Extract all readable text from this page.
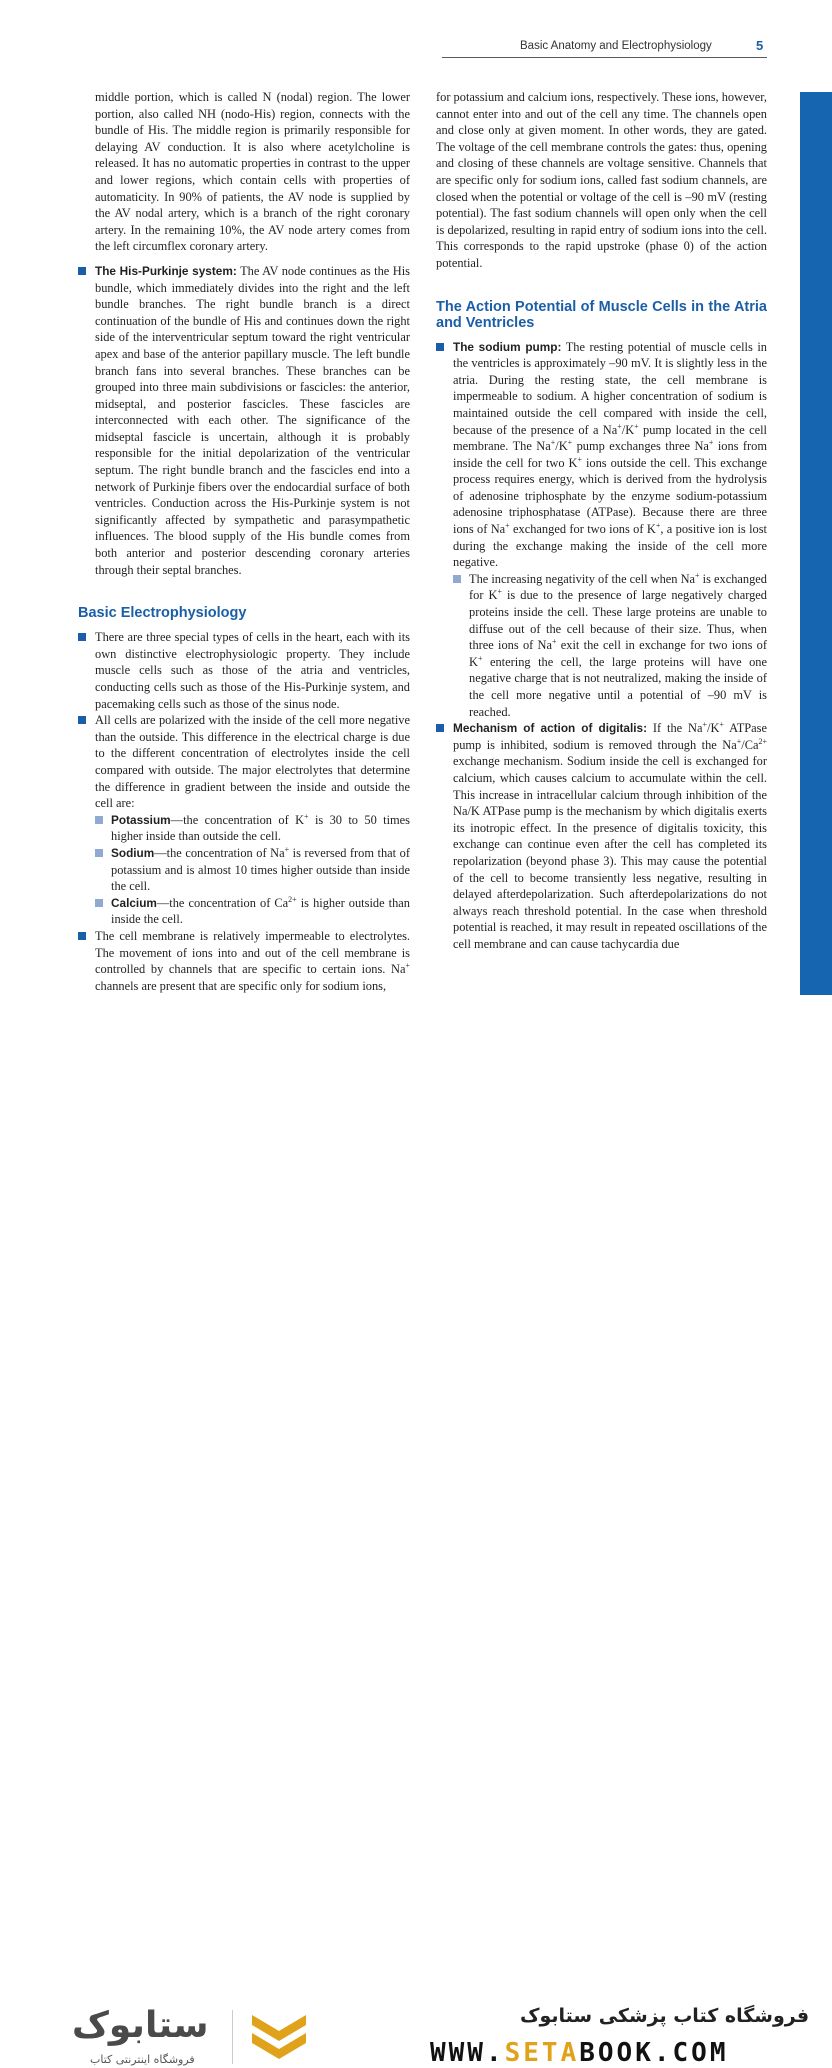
Basic Anatomy and Electrophysiology	5

middle portion, which is called N (nodal) region. The lower portion, also called NH (nodo-His) region, connects with the bundle of His. The middle region is primarily responsible for delaying AV conduction. It is also where acetylcholine is released. It has no automatic properties in contrast to the upper and lower regions, which contain cells with properties of automaticity. In 90% of patients, the AV node is supplied by the AV nodal artery, which is a branch of the right coronary artery. In the remaining 10%, the AV node artery comes from the left circumflex coronary artery.

The His-Purkinje system: The AV node continues as the His bundle, which immediately divides into the right and the left bundle branches. The right bundle branch is a direct continuation of the bundle of His and continues down the right side of the interventricular septum toward the right ventricular apex and base of the anterior papillary muscle. The left bundle branch fans into several branches. These branches can be grouped into three main subdivisions or fascicles: the anterior, midseptal, and posterior fascicles. These fascicles are interconnected with each other. The significance of the midseptal fascicle is uncertain, although it is probably responsible for the initial depolarization of the ventricular septum. The right bundle branch and the fascicles end into a network of Purkinje fibers over the endocardial surface of both ventricles. Conduction across the His-Purkinje system is not significantly affected by sympathetic and parasympathetic influences. The blood supply of the His bundle comes from both anterior and posterior descending coronary arteries through their septal branches.
Basic Electrophysiology
There are three special types of cells in the heart, each with its own distinctive electrophysiologic property. They include muscle cells such as those of the atria and ventricles, conducting cells such as those of the His-Purkinje system, and pacemaking cells such as those of the sinus node.
All cells are polarized with the inside of the cell more negative than the outside. This difference in the electrical charge is due to the different concentration of electrolytes inside the cell compared with outside. The major electrolytes that determine the difference in gradient between the inside and outside the cell are:
Potassium—the concentration of K+ is 30 to 50 times higher inside than outside the cell.
Sodium—the concentration of Na+ is reversed from that of potassium and is almost 10 times higher outside than inside the cell.
Calcium—the concentration of $Ca^{2+}$ is higher outside than inside the cell.
The cell membrane is relatively impermeable to electrolytes. The movement of ions into and out of the cell membrane is controlled by channels that are specific to certain ions. Na+ channels are present that are specific only for sodium ions,

for potassium and calcium ions, respectively. These ions, however, cannot enter into and out of the cell any time. The channels open and close only at given moment. In other words, they are gated. The voltage of the cell membrane controls the gates: thus, opening and closing of these channels are voltage sensitive. Channels that are specific only for sodium ions, called fast sodium channels, are closed when the potential or voltage of the cell is –90 mV (resting potential). The fast sodium channels will open only when the cell is depolarized, resulting in rapid entry of sodium ions into the cell. This corresponds to the rapid upstroke (phase 0) of the action potential.

The Action Potential of Muscle Cells in the Atria and Ventricles
The sodium pump: The resting potential of muscle cells in the ventricles is approximately –90 mV. It is slightly less in the atria. During the resting state, the cell membrane is impermeable to sodium. A higher concentration of sodium is maintained outside the cell compared with inside the cell, because of the presence of a Na+/K+ pump located in the cell membrane. The Na+/K+ pump exchanges three Na+ ions from inside the cell for two K+ ions outside the cell. This exchange process requires energy, which is derived from the hydrolysis of adenosine triphosphate by the enzyme sodium-potassium adenosine triphosphatase (ATPase). Because there are three ions of Na+ exchanged for two ions of K+, a positive ion is lost during the exchange making the inside of the cell more negative.
The increasing negativity of the cell when Na+ is exchanged for K+ is due to the presence of large negatively charged proteins inside the cell. These large proteins are unable to diffuse out of the cell because of their size. Thus, when three ions of Na+ exit the cell in exchange for two ions of K+ entering the cell, the large proteins will have one negative charge that is not neutralized, making the inside of the cell more negative until a potential of –90 mV is reached.
Mechanism of action of digitalis: If the Na+/K+ ATPase pump is inhibited, sodium is removed through the $Na^+/Ca^{2+}$ exchange mechanism. Sodium inside the cell is exchanged for calcium, which causes calcium to accumulate within the cell. This increase in intracellular calcium through inhibition of the Na/K ATPase pump is the mechanism by which digitalis exerts its inotropic effect. In the presence of digitalis toxicity, this exchange can continue even after the cell has completed its repolarization (beyond phase 3). This may cause the potential of the cell to become transiently less negative, resulting in delayed afterdepolarization. Such afterdepolarizations do not always reach threshold potential. In the case when threshold potential is reached, it may result in repeated oscillations of the cell membrane and can cause tachycardia due
ستابوک
فروشگاه اینترنتی کتاب
فروشگاه کتاب پزشکی ستابوک
WWW.SETABOOK.COM
